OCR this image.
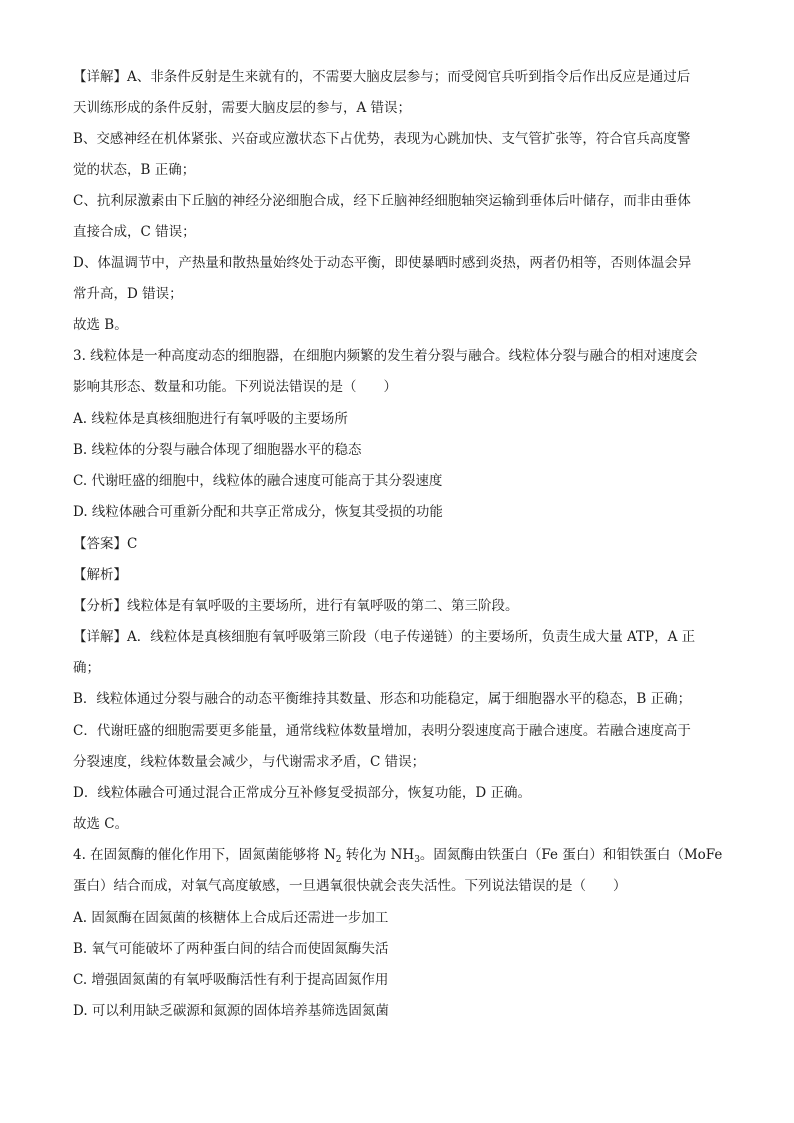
【详解】A、非条件反射是生来就有的，不需要大脑皮层参与；而受阅官兵听到指令后作出反应是通过后
天训练形成的条件反射，需要大脑皮层的参与，A 错误；
B、交感神经在机体紧张、兴奋或应激状态下占优势，表现为心跳加快、支气管扩张等，符合官兵高度警
觉的状态，B 正确；
C、抗利尿激素由下丘脑的神经分泌细胞合成，经下丘脑神经细胞轴突运输到垂体后叶储存，而非由垂体
直接合成，C 错误；
D、体温调节中，产热量和散热量始终处于动态平衡，即使暴晒时感到炎热，两者仍相等，否则体温会异
常升高，D 错误；
故选 B。
3. 线粒体是一种高度动态的细胞器，在细胞内频繁的发生着分裂与融合。线粒体分裂与融合的相对速度会
影响其形态、数量和功能。下列说法错误的是（　　）
A. 线粒体是真核细胞进行有氧呼吸的主要场所
B. 线粒体的分裂与融合体现了细胞器水平的稳态
C. 代谢旺盛的细胞中，线粒体的融合速度可能高于其分裂速度
D. 线粒体融合可重新分配和共享正常成分，恢复其受损的功能
【答案】C
【解析】
【分析】线粒体是有氧呼吸的主要场所，进行有氧呼吸的第二、第三阶段。
【详解】A．线粒体是真核细胞有氧呼吸第三阶段（电子传递链）的主要场所，负责生成大量 ATP，A 正
确；
B．线粒体通过分裂与融合的动态平衡维持其数量、形态和功能稳定，属于细胞器水平的稳态，B 正确；
C．代谢旺盛的细胞需要更多能量，通常线粒体数量增加，表明分裂速度高于融合速度。若融合速度高于
分裂速度，线粒体数量会减少，与代谢需求矛盾，C 错误；
D．线粒体融合可通过混合正常成分互补修复受损部分，恢复功能，D 正确。
故选 C。
4. 在固氮酶的催化作用下，固氮菌能够将 $N_2$ 转化为 $NH_3$。固氮酶由铁蛋白（Fe 蛋白）和钼铁蛋白（MoFe
蛋白）结合而成，对氧气高度敏感，一旦遇氧很快就会丧失活性。下列说法错误的是（　　）
A. 固氮酶在固氮菌的核糖体上合成后还需进一步加工
B. 氧气可能破坏了两种蛋白间的结合而使固氮酶失活
C. 增强固氮菌的有氧呼吸酶活性有利于提高固氮作用
D. 可以利用缺乏碳源和氮源的固体培养基筛选固氮菌
